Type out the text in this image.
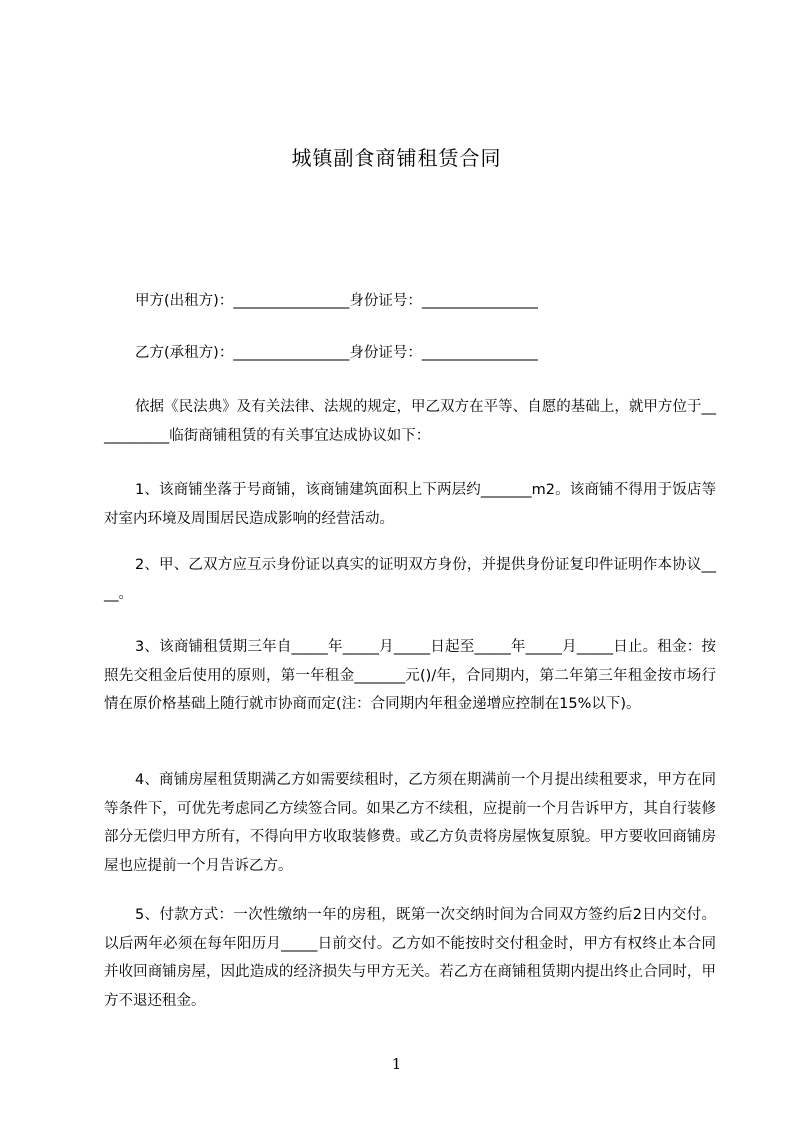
城镇副食商铺租赁合同

甲方(出租方)：________________身份证号：________________

乙方(承租方)：________________身份证号：________________

依据《民法典》及有关法律、法规的规定，甲乙双方在平等、自愿的基础上，就甲方位于___________临街商铺租赁的有关事宜达成协议如下：

1、该商铺坐落于号商铺，该商铺建筑面积上下两层约_______m2。该商铺不得用于饭店等对室内环境及周围居民造成影响的经营活动。

2、甲、乙双方应互示身份证以真实的证明双方身份，并提供身份证复印件证明作本协议____。

3、该商铺租赁期三年自_____年_____月_____日起至_____年_____月_____日止。租金：按照先交租金后使用的原则，第一年租金_______元()/年，合同期内，第二年第三年租金按市场行情在原价格基础上随行就市协商而定(注：合同期内年租金递增应控制在15%以下)。

4、商铺房屋租赁期满乙方如需要续租时，乙方须在期满前一个月提出续租要求，甲方在同等条件下，可优先考虑同乙方续签合同。如果乙方不续租，应提前一个月告诉甲方，其自行装修部分无偿归甲方所有，不得向甲方收取装修费。或乙方负责将房屋恢复原貌。甲方要收回商铺房屋也应提前一个月告诉乙方。

5、付款方式：一次性缴纳一年的房租，既第一次交纳时间为合同双方签约后2日内交付。以后两年必须在每年阳历月_____日前交付。乙方如不能按时交付租金时，甲方有权终止本合同并收回商铺房屋，因此造成的经济损失与甲方无关。若乙方在商铺租赁期内提出终止合同时，甲方不退还租金。

1
